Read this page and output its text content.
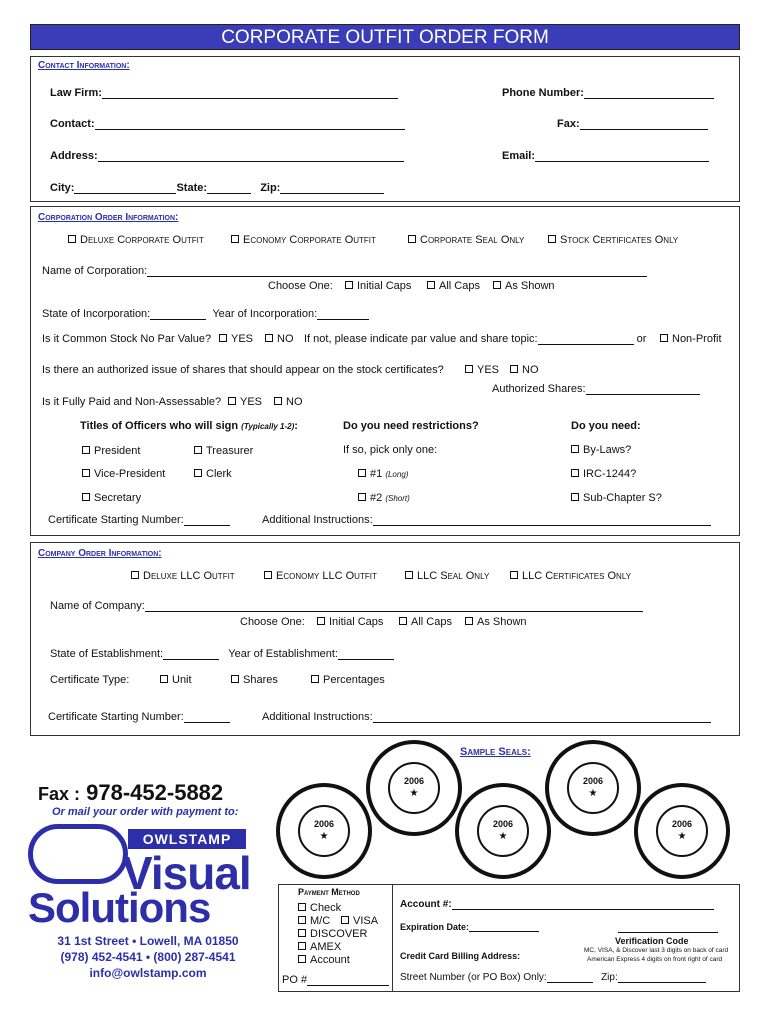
CORPORATE OUTFIT ORDER FORM
Contact Information:
Law Firm:	Phone Number:
Contact:	Fax:
Address:	Email:
City:	State:	Zip:
Corporation Order Information:
Deluxe Corporate Outfit	Economy Corporate Outfit	Corporate Seal Only	Stock Certificates Only
Name of Corporation:
Choose One:	Initial Caps	All Caps	As Shown
State of Incorporation:	Year of Incorporation:
Is it Common Stock No Par Value?	YES	NO If not, please indicate par value and share topic:	or	Non-Profit
Is there an authorized issue of shares that should appear on the stock certificates?	YES	NO
Authorized Shares:
Is it Fully Paid and Non-Assessable?	YES	NO
Titles of Officers who will sign (Typically 1-2):	Do you need restrictions?	Do you need:
President	Treasurer	If so, pick only one:	By-Laws?
Vice-President	Clerk	#1 (Long)	IRC-1244?
Secretary	#2 (Short)	Sub-Chapter S?
Certificate Starting Number:	Additional Instructions:
Company Order Information:
Deluxe LLC Outfit	Economy LLC Outfit	LLC Seal Only	LLC Certificates Only
Name of Company:
Choose One:	Initial Caps	All Caps	As Shown
State of Establishment:	Year of Establishment:
Certificate Type:	Unit	Shares	Percentages
Certificate Starting Number:	Additional Instructions:
Sample Seals:
2006
★
2006
★
2006
★
2006
★
2006
★
Fax : 978-452-5882
Or mail your order with payment to:
OWLSTAMP
Visual
Solutions
31 1st Street • Lowell, MA 01850
(978) 452-4541 • (800) 287-4541
info@owlstamp.com
Payment Method
Check
M/C	VISA
DISCOVER
AMEX
Account
PO #
Account #:
Expiration Date:
Verification Code
MC, VISA, & Discover last 3 digits on back of card
American Express 4 digits on front right of card
Credit Card Billing Address:
Street Number (or PO Box) Only:	Zip:
